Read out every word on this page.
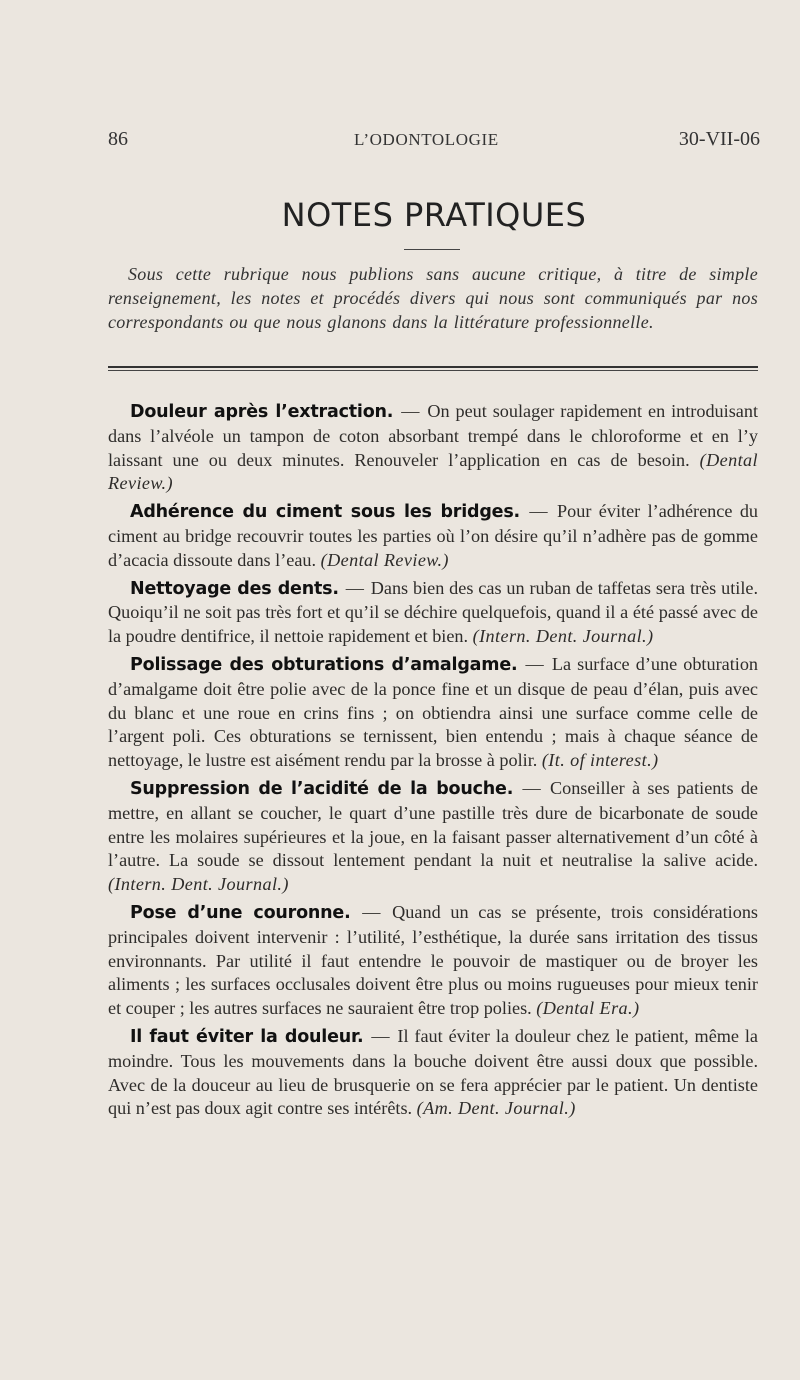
86	L’ODONTOLOGIE	30-VII-06
NOTES PRATIQUES

Sous cette rubrique nous publions sans aucune critique, à titre de simple renseignement, les notes et procédés divers qui nous sont communiqués par nos correspondants ou que nous glanons dans la littérature professionnelle.

Douleur après l’extraction. — On peut soulager rapidement en introduisant dans l’alvéole un tampon de coton absorbant trempé dans le chloroforme et en l’y laissant une ou deux minutes. Renouveler l’application en cas de besoin. (Dental Review.)

Adhérence du ciment sous les bridges. — Pour éviter l’adhérence du ciment au bridge recouvrir toutes les parties où l’on désire qu’il n’adhère pas de gomme d’acacia dissoute dans l’eau. (Dental Review.)

Nettoyage des dents. — Dans bien des cas un ruban de taffetas sera très utile. Quoiqu’il ne soit pas très fort et qu’il se déchire quelquefois, quand il a été passé avec de la poudre dentifrice, il nettoie rapidement et bien. (Intern. Dent. Journal.)

Polissage des obturations d’amalgame. — La surface d’une obturation d’amalgame doit être polie avec de la ponce fine et un disque de peau d’élan, puis avec du blanc et une roue en crins fins ; on obtiendra ainsi une surface comme celle de l’argent poli. Ces obturations se ternissent, bien entendu ; mais à chaque séance de nettoyage, le lustre est aisément rendu par la brosse à polir. (It. of interest.)

Suppression de l’acidité de la bouche. — Conseiller à ses patients de mettre, en allant se coucher, le quart d’une pastille très dure de bicarbonate de soude entre les molaires supérieures et la joue, en la faisant passer alternativement d’un côté à l’autre. La soude se dissout lentement pendant la nuit et neutralise la salive acide. (Intern. Dent. Journal.)

Pose d’une couronne. — Quand un cas se présente, trois considérations principales doivent intervenir : l’utilité, l’esthétique, la durée sans irritation des tissus environnants. Par utilité il faut entendre le pouvoir de mastiquer ou de broyer les aliments ; les surfaces occlusales doivent être plus ou moins rugueuses pour mieux tenir et couper ; les autres surfaces ne sauraient être trop polies. (Dental Era.)

Il faut éviter la douleur. — Il faut éviter la douleur chez le patient, même la moindre. Tous les mouvements dans la bouche doivent être aussi doux que possible. Avec de la douceur au lieu de brusquerie on se fera apprécier par le patient. Un dentiste qui n’est pas doux agit contre ses intérêts. (Am. Dent. Journal.)
